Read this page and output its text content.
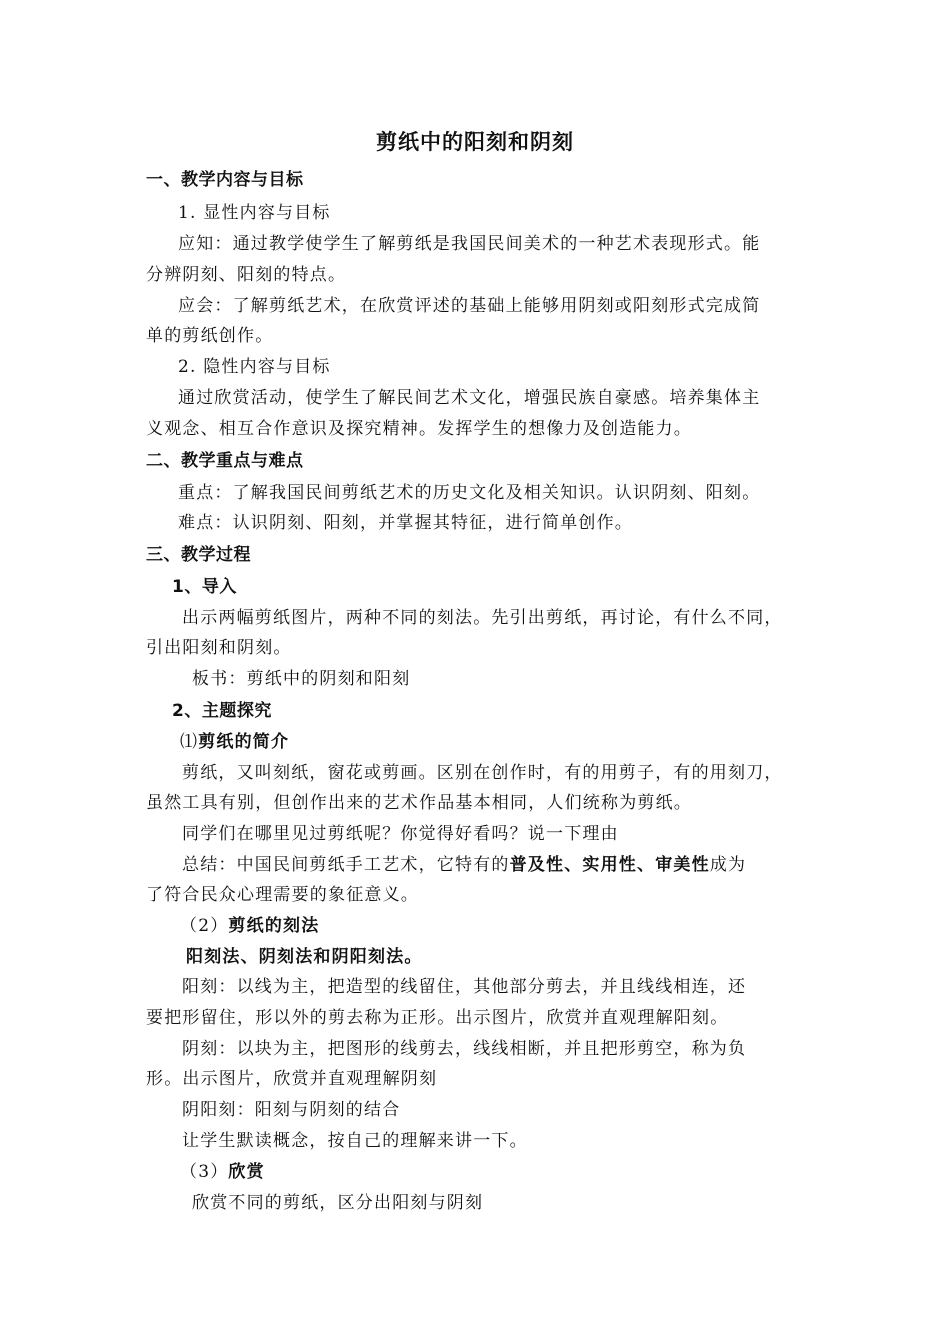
剪纸中的阳刻和阴刻
一、教学内容与目标
1. 显性内容与目标
应知：通过教学使学生了解剪纸是我国民间美术的一种艺术表现形式。能
分辨阴刻、阳刻的特点。
应会：了解剪纸艺术，在欣赏评述的基础上能够用阴刻或阳刻形式完成简
单的剪纸创作。
2. 隐性内容与目标
通过欣赏活动，使学生了解民间艺术文化，增强民族自豪感。培养集体主
义观念、相互合作意识及探究精神。发挥学生的想像力及创造能力。
二、教学重点与难点
重点：了解我国民间剪纸艺术的历史文化及相关知识。认识阴刻、阳刻。
难点：认识阴刻、阳刻，并掌握其特征，进行简单创作。
三、教学过程
1、导入
出示两幅剪纸图片，两种不同的刻法。先引出剪纸，再讨论，有什么不同，
引出阳刻和阴刻。
板书：剪纸中的阴刻和阳刻
2、主题探究
⑴剪纸的简介
剪纸，又叫刻纸，窗花或剪画。区别在创作时，有的用剪子，有的用刻刀，
虽然工具有别，但创作出来的艺术作品基本相同，人们统称为剪纸。
同学们在哪里见过剪纸呢？你觉得好看吗？说一下理由
总结：中国民间剪纸手工艺术，它特有的普及性、实用性、审美性成为
了符合民众心理需要的象征意义。
（2）剪纸的刻法
阳刻法、阴刻法和阴阳刻法。
阳刻：以线为主，把造型的线留住，其他部分剪去，并且线线相连，还
要把形留住，形以外的剪去称为正形。出示图片，欣赏并直观理解阳刻。
阴刻：以块为主，把图形的线剪去，线线相断，并且把形剪空，称为负
形。出示图片，欣赏并直观理解阴刻
阴阳刻：阳刻与阴刻的结合
让学生默读概念，按自己的理解来讲一下。
（3）欣赏
欣赏不同的剪纸，区分出阳刻与阴刻
